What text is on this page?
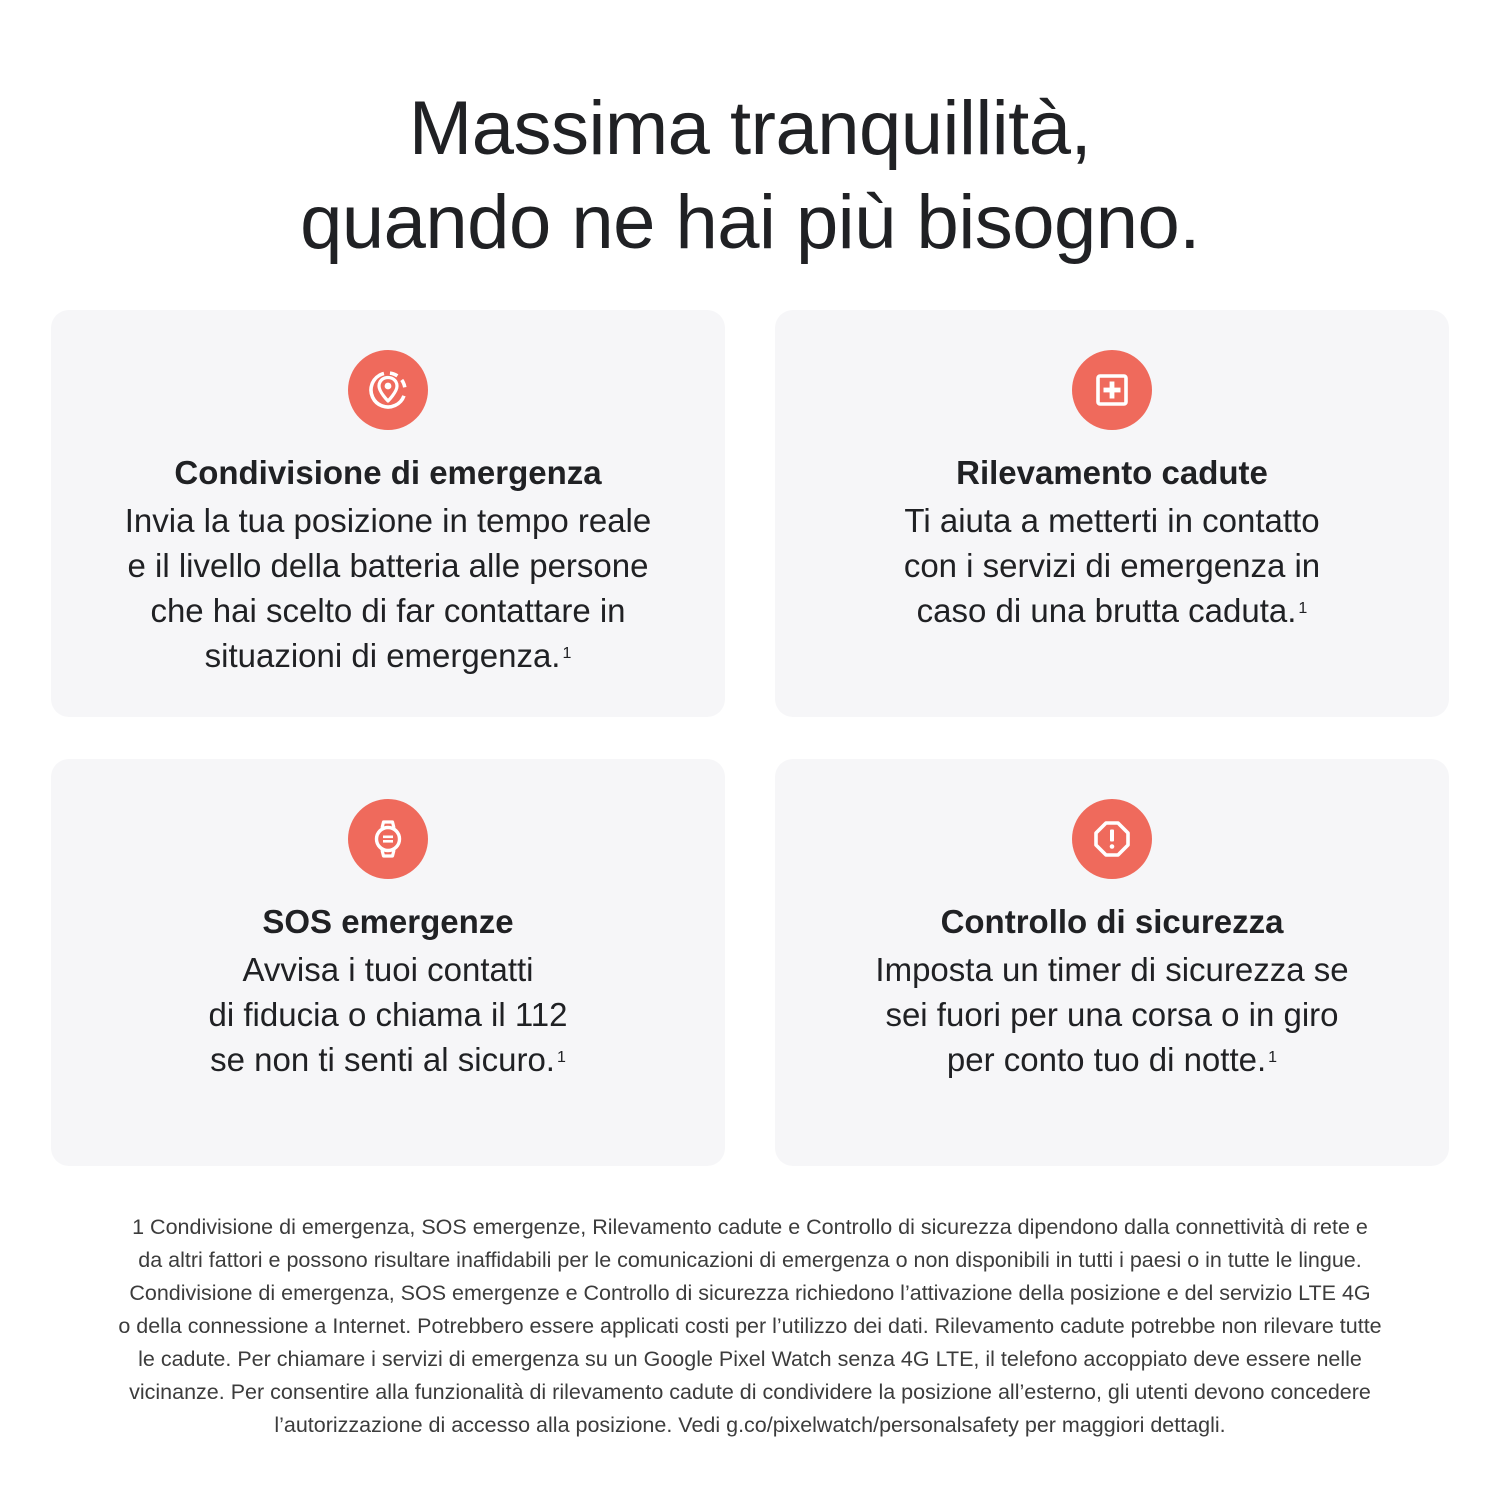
Massima tranquillità,
quando ne hai più bisogno.
Condivisione di emergenza
Invia la tua posizione in tempo reale
e il livello della batteria alle persone
che hai scelto di far contattare in
situazioni di emergenza. $^1$
Rilevamento cadute
Ti aiuta a metterti in contatto
con i servizi di emergenza in
caso di una brutta caduta. $^1$
SOS emergenze
Avvisa i tuoi contatti
di fiducia o chiama il 112
se non ti senti al sicuro. $^1$
Controllo di sicurezza
Imposta un timer di sicurezza se
sei fuori per una corsa o in giro
per conto tuo di notte. $^1$
1 Condivisione di emergenza, SOS emergenze, Rilevamento cadute e Controllo di sicurezza dipendono dalla connettività di rete e
da altri fattori e possono risultare inaffidabili per le comunicazioni di emergenza o non disponibili in tutti i paesi o in tutte le lingue.
Condivisione di emergenza, SOS emergenze e Controllo di sicurezza richiedono l’attivazione della posizione e del servizio LTE 4G
o della connessione a Internet. Potrebbero essere applicati costi per l’utilizzo dei dati. Rilevamento cadute potrebbe non rilevare tutte
le cadute. Per chiamare i servizi di emergenza su un Google Pixel Watch senza 4G LTE, il telefono accoppiato deve essere nelle
vicinanze. Per consentire alla funzionalità di rilevamento cadute di condividere la posizione all’esterno, gli utenti devono concedere
l’autorizzazione di accesso alla posizione. Vedi g.co/pixelwatch/personalsafety per maggiori dettagli.
